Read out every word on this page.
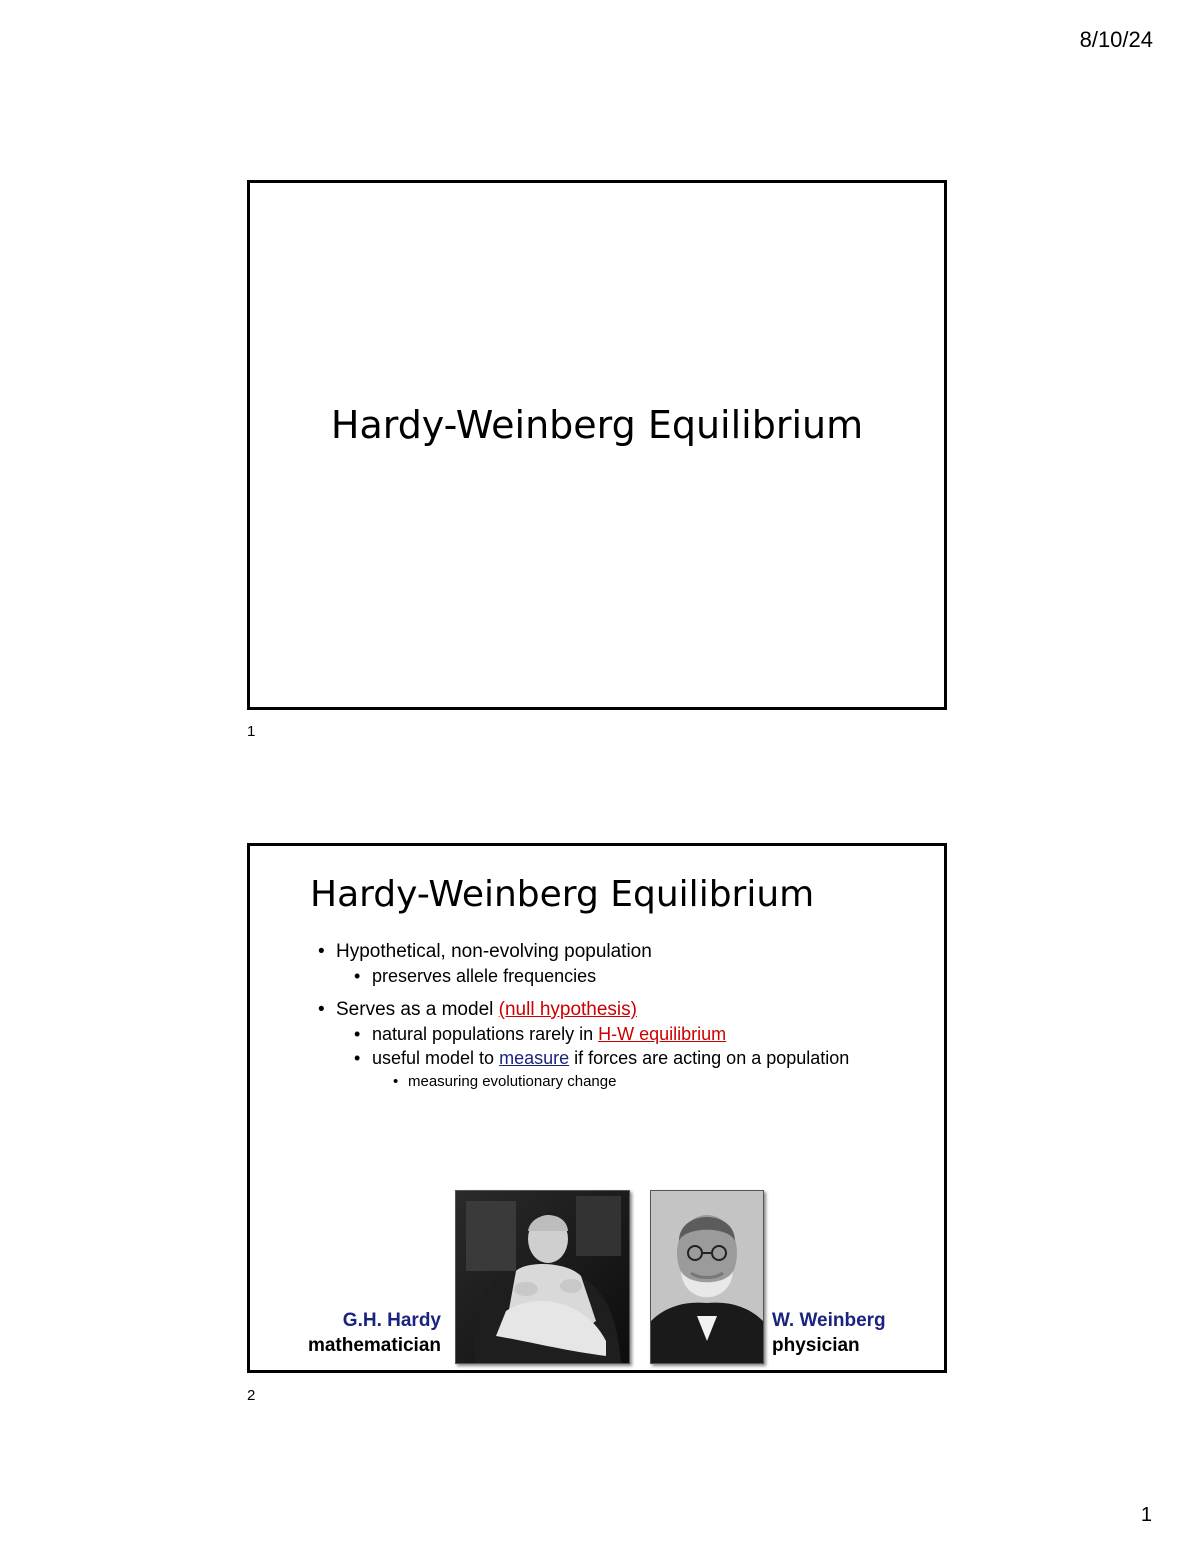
8/10/24
Hardy-Weinberg Equilibrium
1
Hardy-Weinberg Equilibrium
• Hypothetical, non-evolving population
• preserves allele frequencies
• Serves as a model (null hypothesis)
• natural populations rarely in H-W equilibrium
• useful model to measure if forces are acting on a population
• measuring evolutionary change
G.H. Hardy
mathematician
W. Weinberg
physician
2
1
